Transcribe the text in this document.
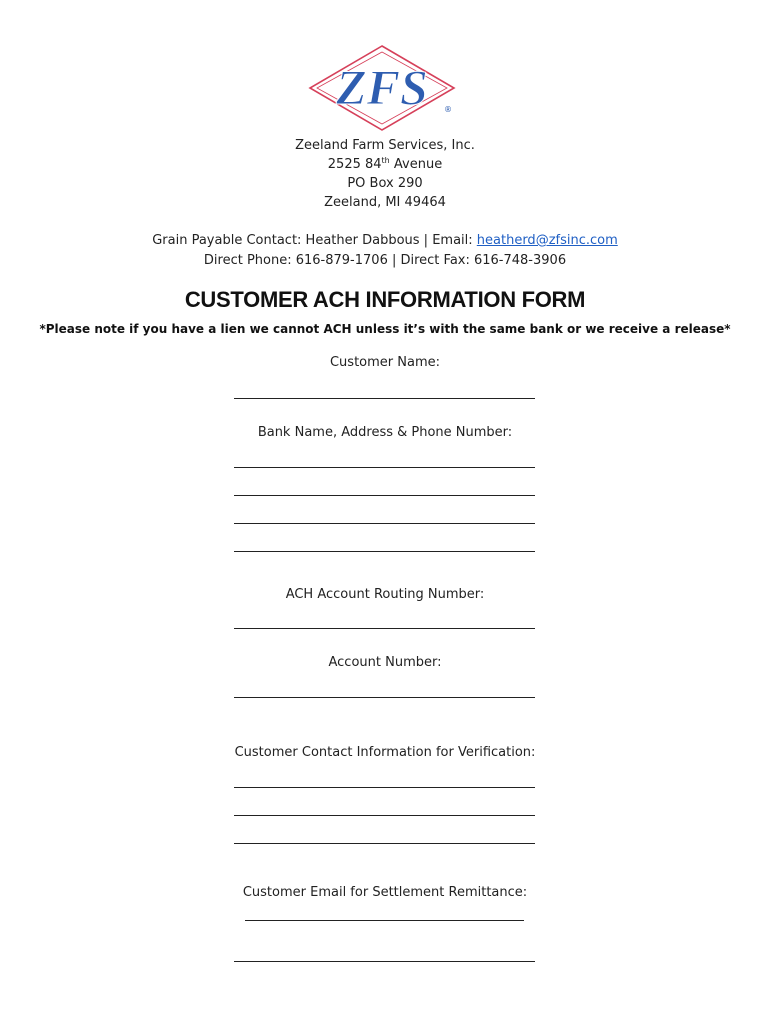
ZFS ®
Zeeland Farm Services, Inc.
2525 84th Avenue
PO Box 290
Zeeland, MI 49464
Grain Payable Contact: Heather Dabbous | Email: heatherd@zfsinc.com
Direct Phone: 616-879-1706 | Direct Fax: 616-748-3906
CUSTOMER ACH INFORMATION FORM
*Please note if you have a lien we cannot ACH unless it’s with the same bank or we receive a release*
Customer Name:
Bank Name, Address & Phone Number:
ACH Account Routing Number:
Account Number:
Customer Contact Information for Verification:
Customer Email for Settlement Remittance:
